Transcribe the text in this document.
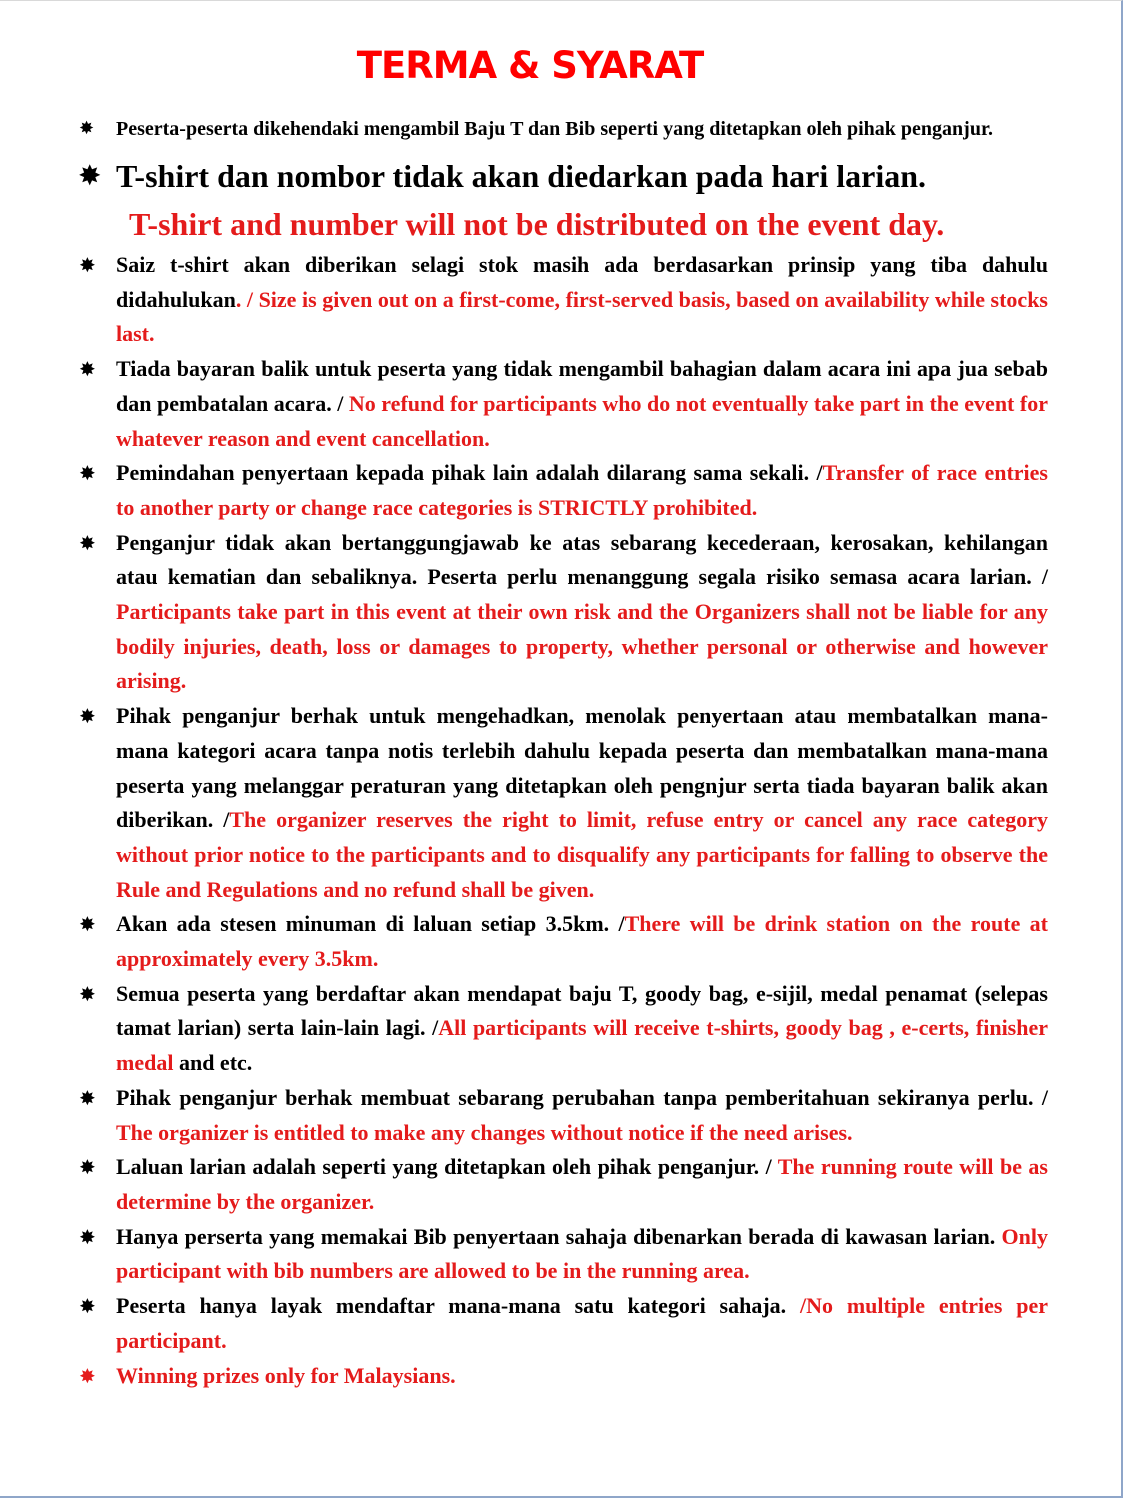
TERMA & SYARAT
✸ Peserta-peserta dikehendaki mengambil Baju T dan Bib seperti yang ditetapkan oleh pihak penganjur.
✸ T-shirt dan nombor tidak akan diedarkan pada hari larian.
T-shirt and number will not be distributed on the event day.
✸ Saiz t-shirt akan diberikan selagi stok masih ada berdasarkan prinsip yang tiba dahulu didahulukan. / Size is given out on a first-come, first-served basis, based on availability while stocks last.
✸ Tiada bayaran balik untuk peserta yang tidak mengambil bahagian dalam acara ini apa jua sebab dan pembatalan acara. / No refund for participants who do not eventually take part in the event for whatever reason and event cancellation.
✸ Pemindahan penyertaan kepada pihak lain adalah dilarang sama sekali. /Transfer of race entries to another party or change race categories is STRICTLY prohibited.
✸ Penganjur tidak akan bertanggungjawab ke atas sebarang kecederaan, kerosakan, kehilangan atau kematian dan sebaliknya. Peserta perlu menanggung segala risiko semasa acara larian. / Participants take part in this event at their own risk and the Organizers shall not be liable for any bodily injuries, death, loss or damages to property, whether personal or otherwise and however arising.
✸ Pihak penganjur berhak untuk mengehadkan, menolak penyertaan atau membatalkan mana-mana kategori acara tanpa notis terlebih dahulu kepada peserta dan membatalkan mana-mana peserta yang melanggar peraturan yang ditetapkan oleh pengnjur serta tiada bayaran balik akan diberikan. /The organizer reserves the right to limit, refuse entry or cancel any race category without prior notice to the participants and to disqualify any participants for falling to observe the Rule and Regulations and no refund shall be given.
✸ Akan ada stesen minuman di laluan setiap 3.5km. /There will be drink station on the route at approximately every 3.5km.
✸ Semua peserta yang berdaftar akan mendapat baju T, goody bag, e-sijil, medal penamat (selepas tamat larian) serta lain-lain lagi. /All participants will receive t-shirts, goody bag , e-certs, finisher medal and etc.
✸ Pihak penganjur berhak membuat sebarang perubahan tanpa pemberitahuan sekiranya perlu. / The organizer is entitled to make any changes without notice if the need arises.
✸ Laluan larian adalah seperti yang ditetapkan oleh pihak penganjur. / The running route will be as determine by the organizer.
✸ Hanya perserta yang memakai Bib penyertaan sahaja dibenarkan berada di kawasan larian. Only participant with bib numbers are allowed to be in the running area.
✸ Peserta hanya layak mendaftar mana-mana satu kategori sahaja. /No multiple entries per participant.
✸ Winning prizes only for Malaysians.
